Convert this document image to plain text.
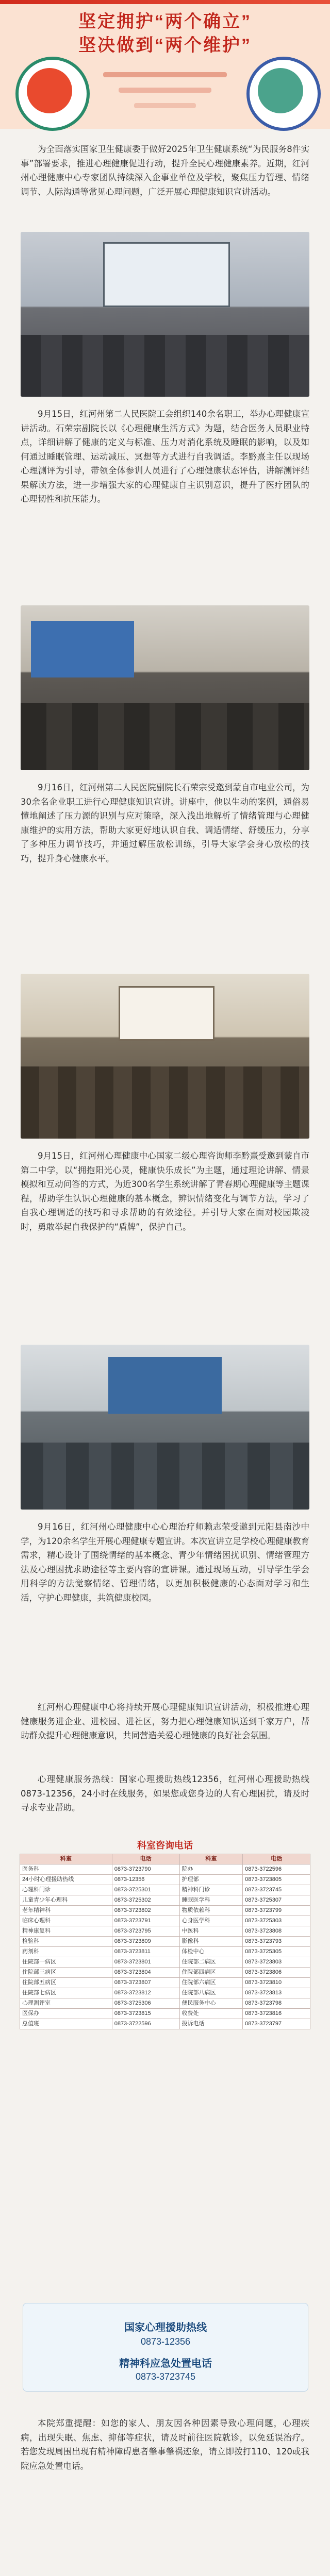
坚定拥护“两个确立”
坚决做到“两个维护”

为全面落实国家卫生健康委于做好2025年卫生健康系统“为民服务8件实事”部署要求，推进心理健康促进行动，提升全民心理健康素养。近期，红河州心理健康中心专家团队持续深入企事业单位及学校，聚焦压力管理、情绪调节、人际沟通等常见心理问题，广泛开展心理健康知识宣讲活动。

9月15日，红河州第二人民医院工会组织140余名职工，举办心理健康宣讲活动。石荣宗副院长以《心理健康生活方式》为题，结合医务人员职业特点，详细讲解了健康的定义与标准、压力对消化系统及睡眠的影响，以及如何通过睡眠管理、运动减压、冥想等方式进行自我调适。李黔熹主任以现场心理测评为引导，带领全体参训人员进行了心理健康状态评估，讲解测评结果解读方法，进一步增强大家的心理健康自主识别意识，提升了医疗团队的心理韧性和抗压能力。

9月16日，红河州第二人民医院副院长石荣宗受邀到蒙自市电业公司，为30余名企业职工进行心理健康知识宣讲。讲座中，他以生动的案例，通俗易懂地阐述了压力源的识别与应对策略，深入浅出地解析了情绪管理与心理健康维护的实用方法，帮助大家更好地认识自我、调适情绪、舒缓压力，分享了多种压力调节技巧，并通过解压放松训练，引导大家学会身心放松的技巧，提升身心健康水平。

9月15日，红河州心理健康中心国家二级心理咨询师李黔熹受邀到蒙自市第二中学，以“拥抱阳光心灵，健康快乐成长”为主题，通过理论讲解、情景模拟和互动问答的方式，为近300名学生系统讲解了青春期心理健康等主题课程，帮助学生认识心理健康的基本概念，辨识情绪变化与调节方法，学习了自我心理调适的技巧和寻求帮助的有效途径。并引导大家在面对校园欺凌时，勇敢举起自我保护的“盾牌”，保护自己。

9月16日，红河州心理健康中心心理治疗师赖志荣受邀到元阳县南沙中学，为120余名学生开展心理健康专题宣讲。本次宣讲立足学校心理健康教育需求，精心设计了围绕情绪的基本概念、青少年情绪困扰识别、情绪管理方法及心理困扰求助途径等主要内容的宣讲课。通过现场互动，引导学生学会用科学的方法觉察情绪、管理情绪，以更加积极健康的心态面对学习和生活，守护心理健康，共筑健康校园。

红河州心理健康中心将持续开展心理健康知识宣讲活动，积极推进心理健康服务进企业、进校园、进社区，努力把心理健康知识送到千家万户，帮助群众提升心理健康意识，共同营造关爱心理健康的良好社会氛围。

心理健康服务热线：国家心理援助热线12356，红河州心理援助热线0873-12356，24小时在线服务，如果您或您身边的人有心理困扰，请及时寻求专业帮助。

科室咨询电话
科室	电话	科室	电话
医务科	0873-3723790	院办	0873-3722596
24小时心理援助热线	0873-12356	护理部	0873-3723805
心理科门诊	0873-3725301	精神科门诊	0873-3723745
儿童青少年心理科	0873-3725302	睡眠医学科	0873-3725307
老年精神科	0873-3723802	物质依赖科	0873-3723799
临床心理科	0873-3723791	心身医学科	0873-3725303
精神康复科	0873-3723795	中医科	0873-3723808
检验科	0873-3723809	影像科	0873-3723793
药剂科	0873-3723811	体检中心	0873-3725305
住院部一病区	0873-3723801	住院部二病区	0873-3723803
住院部三病区	0873-3723804	住院部四病区	0873-3723806
住院部五病区	0873-3723807	住院部六病区	0873-3723810
住院部七病区	0873-3723812	住院部八病区	0873-3723813
心理测评室	0873-3725306	便民服务中心	0873-3723798
医保办	0873-3723815	收费处	0873-3723816
总值班	0873-3722596	投诉电话	0873-3723797
国家心理援助热线
0873-12356
精神科应急处置电话
0873-3723745

本院郑重提醒：如您的家人、朋友因各种因素导致心理问题，心理疾病，出现失眠、焦虑、抑郁等症状，请及时前往医院就诊，以免延误治疗。若您发现周围出现有精神障碍患者肇事肇祸迹象，请立即拨打110、120或我院应急处置电话。
